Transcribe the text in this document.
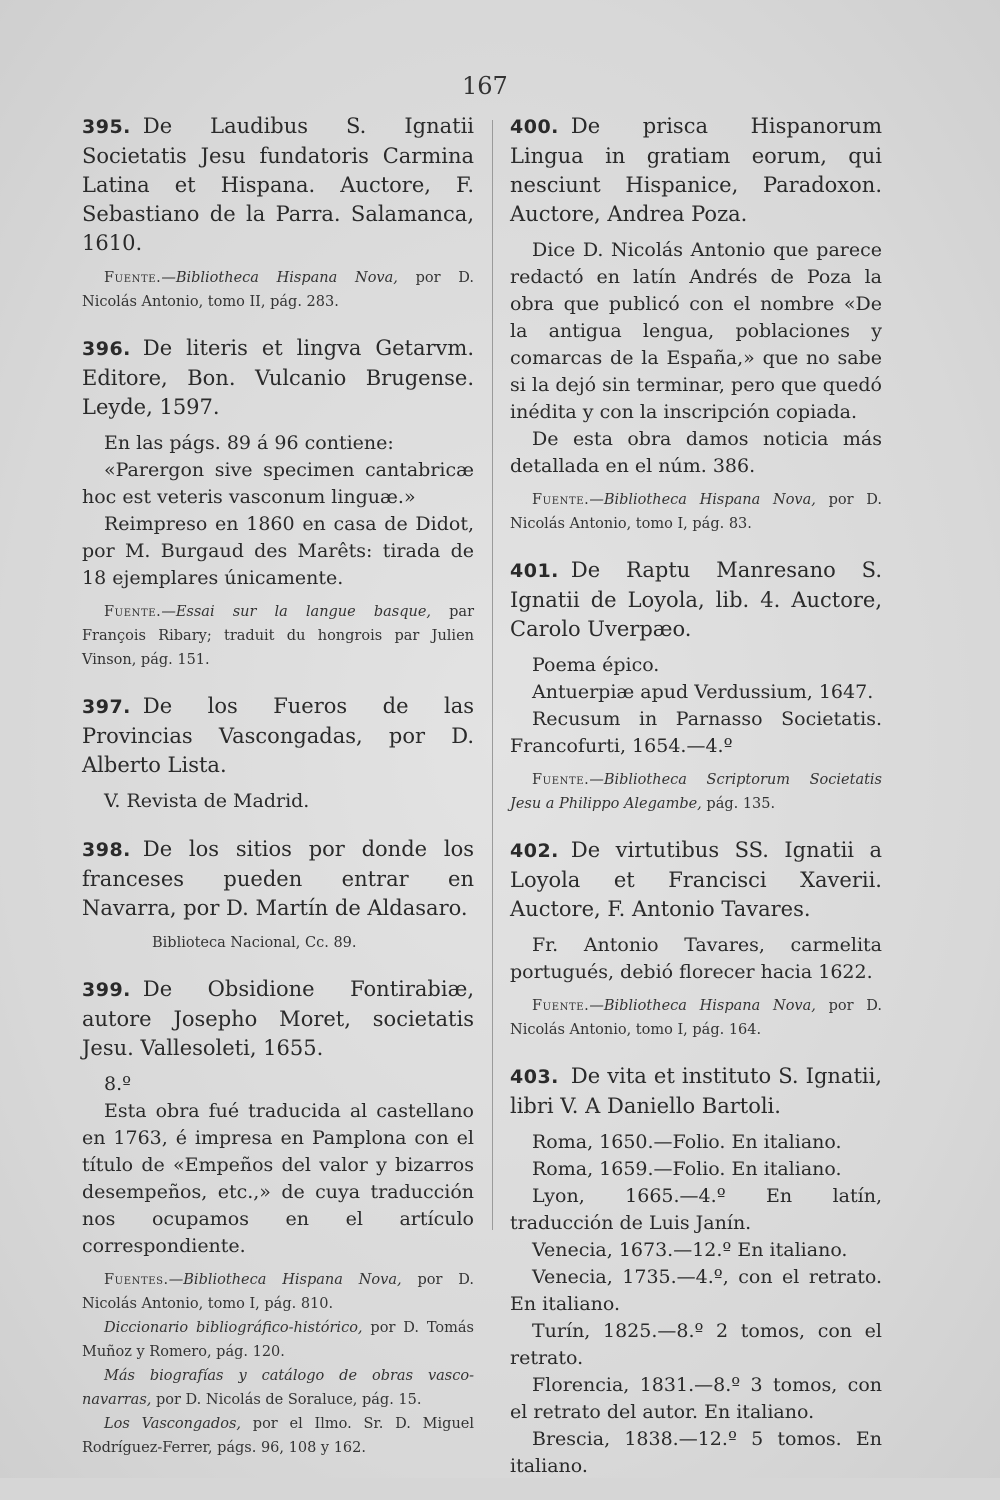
167

395. De Laudibus S. Ignatii Societatis Jesu fundatoris Carmina Latina et Hispana. Auctore, F. Sebastiano de la Parra. Salamanca, 1610.

Fuente.—Bibliotheca Hispana Nova, por D. Nicolás Antonio, tomo II, pág. 283.

396. De literis et lingva Getarvm. Editore, Bon. Vulcanio Brugense. Leyde, 1597.

En las págs. 89 á 96 contiene:

«Parergon sive specimen cantabricæ hoc est veteris vasconum linguæ.»

Reimpreso en 1860 en casa de Didot, por M. Burgaud des Marêts: tirada de 18 ejemplares únicamente.

Fuente.—Essai sur la langue basque, par François Ribary; traduit du hongrois par Julien Vinson, pág. 151.

397. De los Fueros de las Provincias Vascongadas, por D. Alberto Lista.

V. Revista de Madrid.

398. De los sitios por donde los franceses pueden entrar en Navarra, por D. Martín de Aldasaro.

Biblioteca Nacional, Cc. 89.

399. De Obsidione Fontirabiæ, autore Josepho Moret, societatis Jesu. Vallesoleti, 1655.

8.º

Esta obra fué traducida al castellano en 1763, é impresa en Pamplona con el título de «Empeños del valor y bizarros desempeños, etc.,» de cuya traducción nos ocupamos en el artículo correspondiente.

Fuentes.—Bibliotheca Hispana Nova, por D. Nicolás Antonio, tomo I, pág. 810.

Diccionario bibliográfico-histórico, por D. Tomás Muñoz y Romero, pág. 120.

Más biografías y catálogo de obras vasco-navarras, por D. Nicolás de Soraluce, pág. 15.

Los Vascongados, por el Ilmo. Sr. D. Miguel Rodríguez-Ferrer, págs. 96, 108 y 162.

400. De prisca Hispanorum Lingua in gratiam eorum, qui nesciunt Hispanice, Paradoxon. Auctore, Andrea Poza.

Dice D. Nicolás Antonio que parece redactó en latín Andrés de Poza la obra que publicó con el nombre «De la antigua lengua, poblaciones y comarcas de la España,» que no sabe si la dejó sin terminar, pero que quedó inédita y con la inscripción copiada.

De esta obra damos noticia más detallada en el núm. 386.

Fuente.—Bibliotheca Hispana Nova, por D. Nicolás Antonio, tomo I, pág. 83.

401. De Raptu Manresano S. Ignatii de Loyola, lib. 4. Auctore, Carolo Uverpæo.

Poema épico.

Antuerpiæ apud Verdussium, 1647.

Recusum in Parnasso Societatis. Francofurti, 1654.—4.º

Fuente.—Bibliotheca Scriptorum Societatis Jesu a Philippo Alegambe, pág. 135.

402. De virtutibus SS. Ignatii a Loyola et Francisci Xaverii. Auctore, F. Antonio Tavares.

Fr. Antonio Tavares, carmelita portugués, debió florecer hacia 1622.

Fuente.—Bibliotheca Hispana Nova, por D. Nicolás Antonio, tomo I, pág. 164.

403. De vita et instituto S. Ignatii, libri V. A Daniello Bartoli.

Roma, 1650.—Folio. En italiano.

Roma, 1659.—Folio. En italiano.

Lyon, 1665.—4.º En latín, traducción de Luis Janín.

Venecia, 1673.—12.º En italiano.

Venecia, 1735.—4.º, con el retrato. En italiano.

Turín, 1825.—8.º 2 tomos, con el retrato.

Florencia, 1831.—8.º 3 tomos, con el retrato del autor. En italiano.

Brescia, 1838.—12.º 5 tomos. En italiano.
